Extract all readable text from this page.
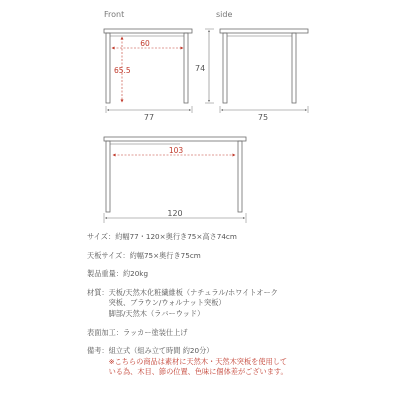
Front
77
60
65.5
side
74
75
103
120
サイズ： 約幅77・120×奥行き75×高さ74cm
天板サイズ： 約幅75×奥行き75cm
製品重量： 約20kg
材質： 天板/天然木化粧繊維板（ナチュラル/ホワイトオーク
突板、ブラウン/ウォルナット突板）
脚部/天然木（ラバーウッド）
表面加工： ラッカー塗装仕上げ
備考： 組立式（組み立て時間 約20分）
※こちらの商品は素材に天然木・天然木突板を使用して
いる為、木目、節の位置、色味に個体差がございます。
